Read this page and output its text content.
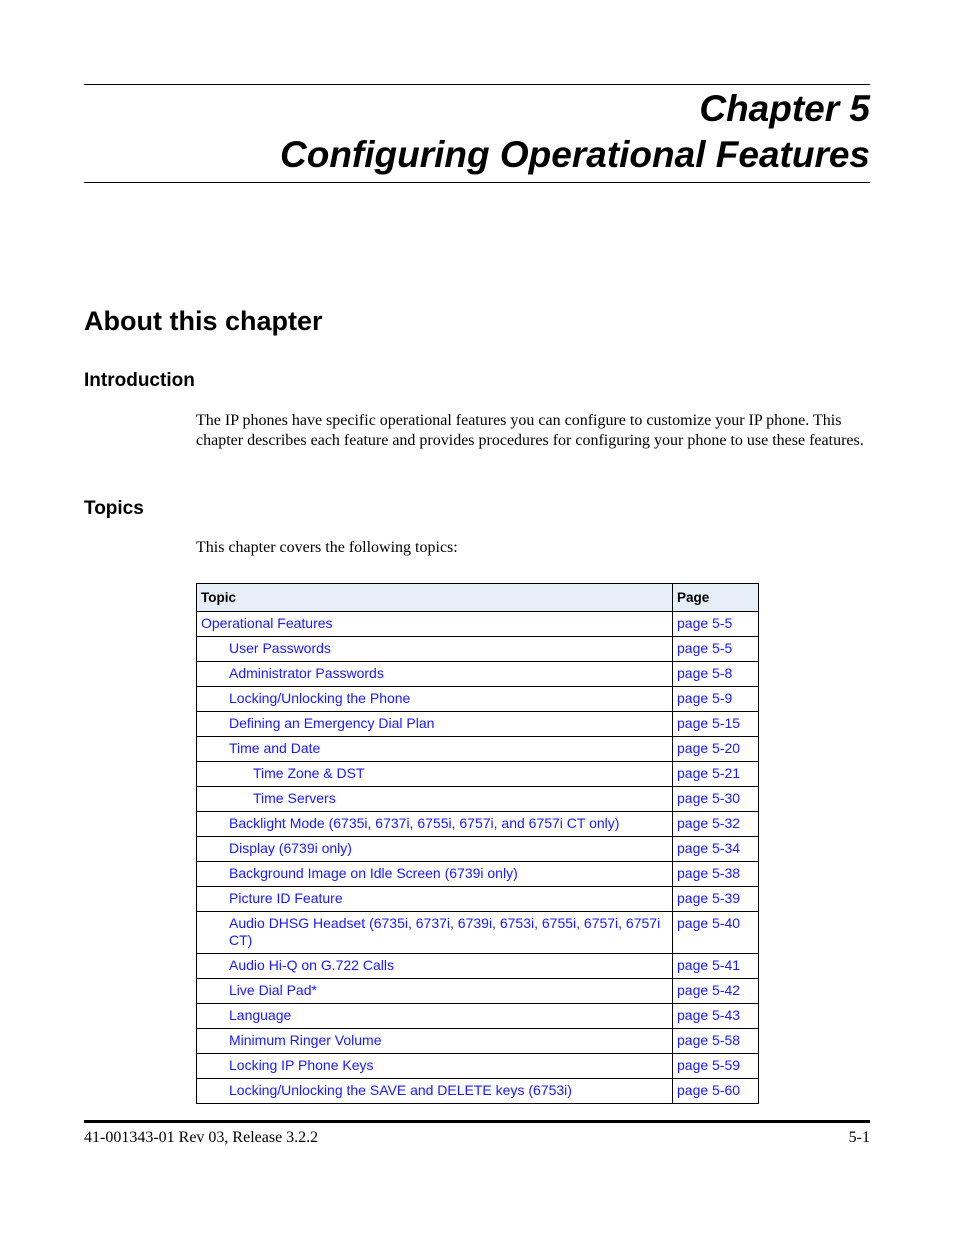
Chapter 5
Configuring Operational Features
About this chapter
Introduction

The IP phones have specific operational features you can configure to customize your IP phone. This chapter describes each feature and provides procedures for configuring your phone to use these features.

Topics

This chapter covers the following topics:

Topic	Page
Operational Features	page 5-5
User Passwords	page 5-5
Administrator Passwords	page 5-8
Locking/Unlocking the Phone	page 5-9
Defining an Emergency Dial Plan	page 5-15
Time and Date	page 5-20
Time Zone & DST	page 5-21
Time Servers	page 5-30
Backlight Mode (6735i, 6737i, 6755i, 6757i, and 6757i CT only)	page 5-32
Display (6739i only)	page 5-34
Background Image on Idle Screen (6739i only)	page 5-38
Picture ID Feature	page 5-39
Audio DHSG Headset (6735i, 6737i, 6739i, 6753i, 6755i, 6757i, 6757i CT)	page 5-40
Audio Hi-Q on G.722 Calls	page 5-41
Live Dial Pad*	page 5-42
Language	page 5-43
Minimum Ringer Volume	page 5-58
Locking IP Phone Keys	page 5-59
Locking/Unlocking the SAVE and DELETE keys (6753i)	page 5-60
41-001343-01 Rev 03, Release 3.2.2	5-1
